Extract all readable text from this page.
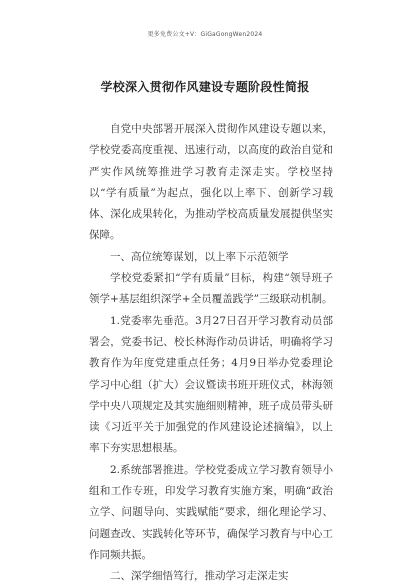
更多免费公文+V：GiGaGongWen2024
学校深入贯彻作风建设专题阶段性简报

自党中央部署开展深入贯彻作风建设专题以来，学校党委高度重视、迅速行动，以高度的政治自觉和严实作风统筹推进学习教育走深走实。学校坚持以“学有质量”为起点，强化以上率下、创新学习载体、深化成果转化，为推动学校高质量发展提供坚实保障。

一、高位统筹谋划，以上率下示范领学

学校党委紧扣“学有质量”目标，构建“领导班子领学+基层组织深学+全员覆盖践学”三级联动机制。

1.党委率先垂范。3月27日召开学习教育动员部署会，党委书记、校长林海作动员讲话，明确将学习教育作为年度党建重点任务；4月9日举办党委理论学习中心组（扩大）会议暨读书班开班仪式，林海领学中央八项规定及其实施细则精神，班子成员带头研读《习近平关于加强党的作风建设论述摘编》，以上率下夯实思想根基。

2.系统部署推进。学校党委成立学习教育领导小组和工作专班，印发学习教育实施方案，明确“政治立学、问题导向、实践赋能”要求，细化理论学习、问题查改、实践转化等环节，确保学习教育与中心工作同频共振。

二、深学细悟笃行，推动学习走深走实
